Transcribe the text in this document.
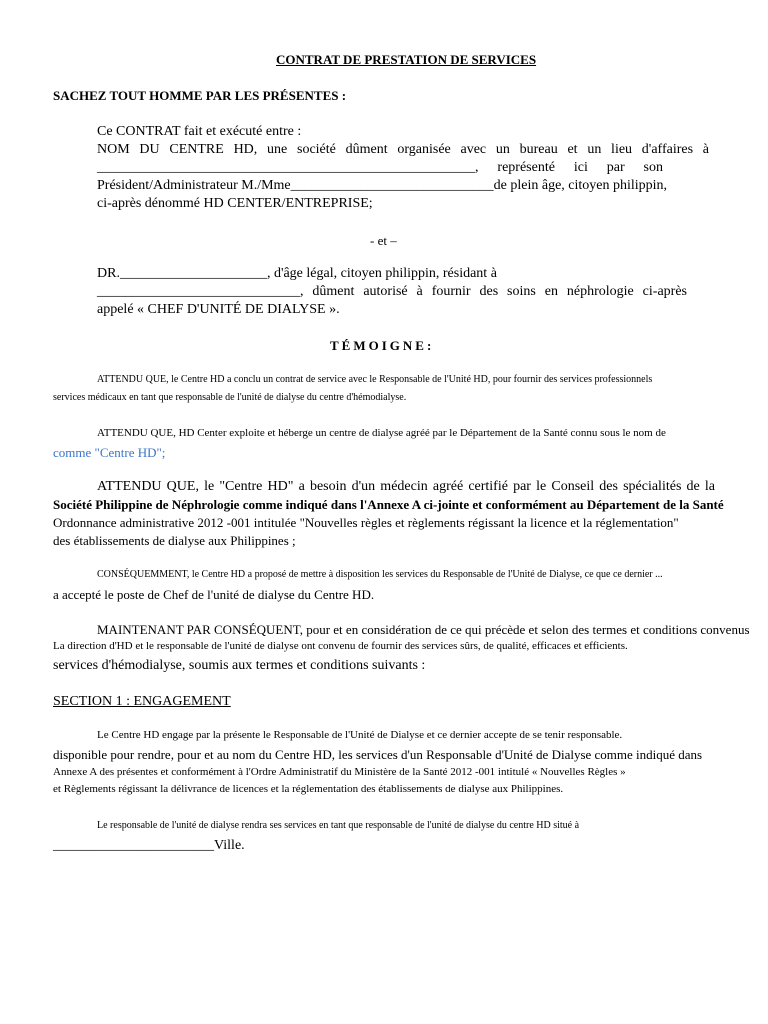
CONTRAT DE PRESTATION DE SERVICES
SACHEZ TOUT HOMME PAR LES PRÉSENTES :
Ce CONTRAT fait et exécuté entre :
NOM DU CENTRE HD, une société dûment organisée avec un bureau et un lieu d'affaires à
______________________________________________________, représenté ici par son
Président/Administrateur M./Mme_____________________________de plein âge, citoyen philippin,
ci-après dénommé HD CENTER/ENTREPRISE;
- et –
DR._____________________, d'âge légal, citoyen philippin, résidant à
_____________________________, dûment autorisé à fournir des soins en néphrologie ci-après
appelé « CHEF D'UNITÉ DE DIALYSE ».
TÉMOIGNE:
ATTENDU QUE, le Centre HD a conclu un contrat de service avec le Responsable de l'Unité HD, pour fournir des services professionnels
services médicaux en tant que responsable de l'unité de dialyse du centre d'hémodialyse.
ATTENDU QUE, HD Center exploite et héberge un centre de dialyse agréé par le Département de la Santé connu sous le nom de
comme "Centre HD";
ATTENDU QUE, le "Centre HD" a besoin d'un médecin agréé certifié par le Conseil des spécialités de la
Société Philippine de Néphrologie comme indiqué dans l'Annexe A ci-jointe et conformément au Département de la Santé
Ordonnance administrative 2012 -001 intitulée "Nouvelles règles et règlements régissant la licence et la réglementation"
des établissements de dialyse aux Philippines ;
CONSÉQUEMMENT, le Centre HD a proposé de mettre à disposition les services du Responsable de l'Unité de Dialyse, ce que ce dernier ...
a accepté le poste de Chef de l'unité de dialyse du Centre HD.
MAINTENANT PAR CONSÉQUENT, pour et en considération de ce qui précède et selon des termes et conditions convenus
La direction d'HD et le responsable de l'unité de dialyse ont convenu de fournir des services sûrs, de qualité, efficaces et efficients.
services d'hémodialyse, soumis aux termes et conditions suivants :
SECTION 1 : ENGAGEMENT
Le Centre HD engage par la présente le Responsable de l'Unité de Dialyse et ce dernier accepte de se tenir responsable.
disponible pour rendre, pour et au nom du Centre HD, les services d'un Responsable d'Unité de Dialyse comme indiqué dans
Annexe A des présentes et conformément à l'Ordre Administratif du Ministère de la Santé 2012 -001 intitulé « Nouvelles Règles »
et Règlements régissant la délivrance de licences et la réglementation des établissements de dialyse aux Philippines.
Le responsable de l'unité de dialyse rendra ses services en tant que responsable de l'unité de dialyse du centre HD situé à
_______________________Ville.
